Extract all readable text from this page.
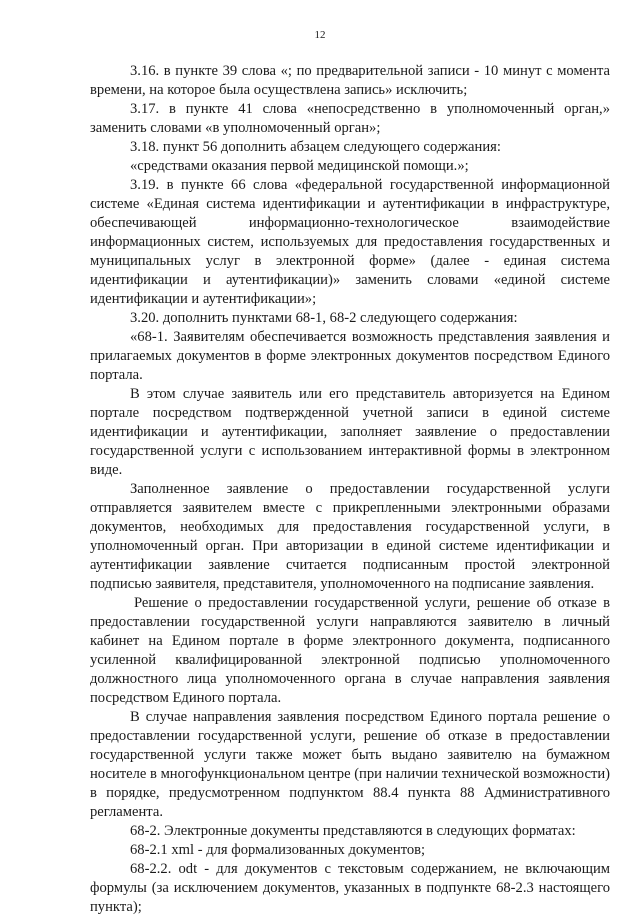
12

3.16. в пункте 39 слова «; по предварительной записи - 10 минут с момента времени, на которое была осуществлена запись» исключить;

3.17. в пункте 41 слова «непосредственно в уполномоченный орган,» заменить словами «в уполномоченный орган»;

3.18. пункт 56 дополнить абзацем следующего содержания:

«средствами оказания первой медицинской помощи.»;

3.19. в пункте 66 слова «федеральной государственной информационной системе «Единая система идентификации и аутентификации в инфраструктуре, обеспечивающей информационно-технологическое взаимодействие информационных систем, используемых для предоставления государственных и муниципальных услуг в электронной форме» (далее - единая система идентификации и аутентификации)» заменить словами «единой системе идентификации и аутентификации»;

3.20. дополнить пунктами 68-1, 68-2 следующего содержания:

«68-1. Заявителям обеспечивается возможность представления заявления и прилагаемых документов в форме электронных документов посредством Единого портала.

В этом случае заявитель или его представитель авторизуется на Едином портале посредством подтвержденной учетной записи в единой системе идентификации и аутентификации, заполняет заявление о предоставлении государственной услуги с использованием интерактивной формы в электронном виде.

Заполненное заявление о предоставлении государственной услуги отправляется заявителем вместе с прикрепленными электронными образами документов, необходимых для предоставления государственной услуги, в уполномоченный орган. При авторизации в единой системе идентификации и аутентификации заявление считается подписанным простой электронной подписью заявителя, представителя, уполномоченного на подписание заявления.

Решение о предоставлении государственной услуги, решение об отказе в предоставлении государственной услуги направляются заявителю в личный кабинет на Едином портале в форме электронного документа, подписанного усиленной квалифицированной электронной подписью уполномоченного должностного лица уполномоченного органа в случае направления заявления посредством Единого портала.

В случае направления заявления посредством Единого портала решение о предоставлении государственной услуги, решение об отказе в предоставлении государственной услуги также может быть выдано заявителю на бумажном носителе в многофункциональном центре (при наличии технической возможности) в порядке, предусмотренном подпунктом 88.4 пункта 88 Административного регламента.

68-2. Электронные документы представляются в следующих форматах:

68-2.1 xml - для формализованных документов;

68-2.2. odt - для документов с текстовым содержанием, не включающим формулы (за исключением документов, указанных в подпункте 68-2.3 настоящего пункта);
